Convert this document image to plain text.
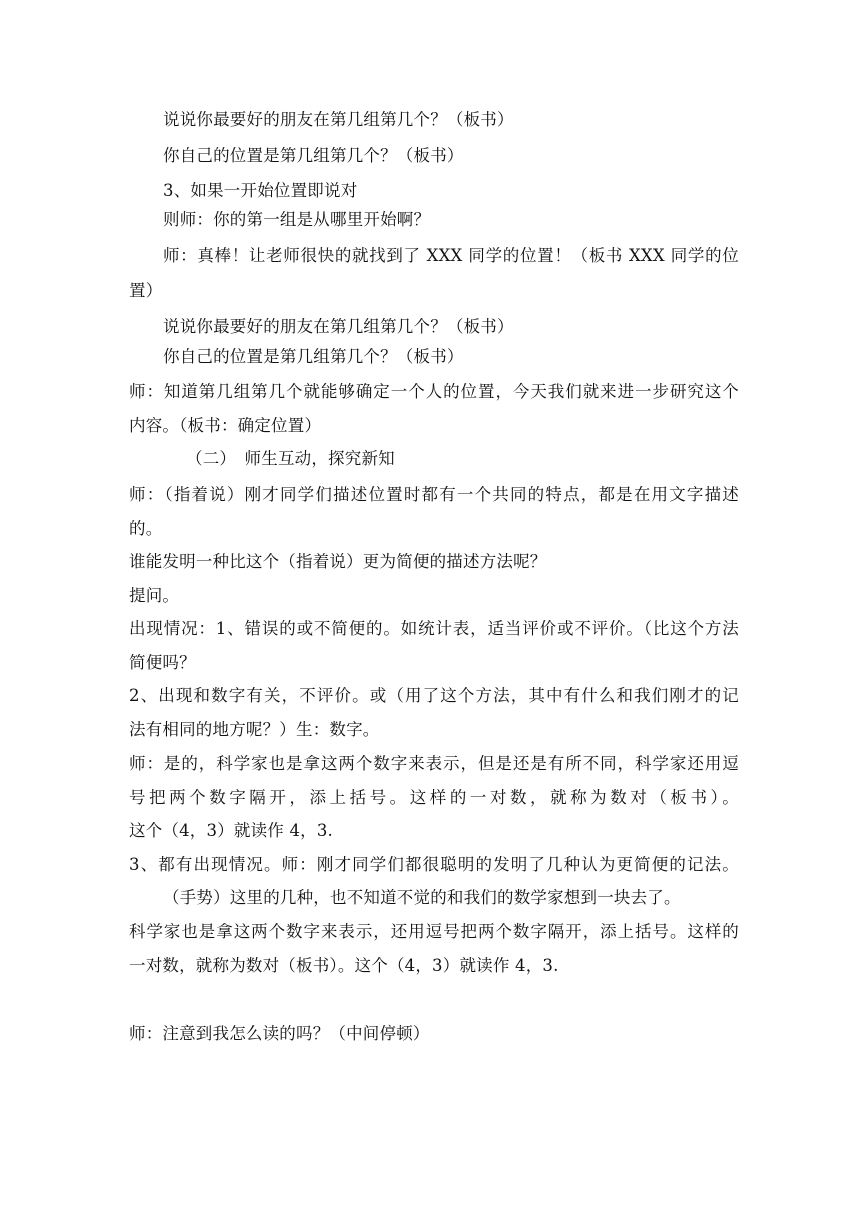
说说你最要好的朋友在第几组第几个？（板书）
你自己的位置是第几组第几个？（板书）
3、如果一开始位置即说对
则师：你的第一组是从哪里开始啊？
师：真棒！让老师很快的就找到了 XXX 同学的位置！（板书 XXX 同学的位
置）
说说你最要好的朋友在第几组第几个？（板书）
你自己的位置是第几组第几个？（板书）
师：知道第几组第几个就能够确定一个人的位置，今天我们就来进一步研究这个
内容。（板书：确定位置）
（二）　师生互动，探究新知
师：（指着说）刚才同学们描述位置时都有一个共同的特点，都是在用文字描述
的。
谁能发明一种比这个（指着说）更为简便的描述方法呢？
提问。
出现情况：1、错误的或不简便的。如统计表，适当评价或不评价。（比这个方法
简便吗？
2、出现和数字有关，不评价。或（用了这个方法，其中有什么和我们刚才的记
法有相同的地方呢？）生：数字。
师：是的，科学家也是拿这两个数字来表示，但是还是有所不同，科学家还用逗
号把两个数字隔开，添上括号。这样的一对数，就称为数对（板书）。
这个（4，3）就读作 4，3.
3、都有出现情况。师：刚才同学们都很聪明的发明了几种认为更简便的记法。
（手势）这里的几种，也不知道不觉的和我们的数学家想到一块去了。
科学家也是拿这两个数字来表示，还用逗号把两个数字隔开，添上括号。这样的
一对数，就称为数对（板书）。这个（4，3）就读作 4，3.
师：注意到我怎么读的吗？（中间停顿）
